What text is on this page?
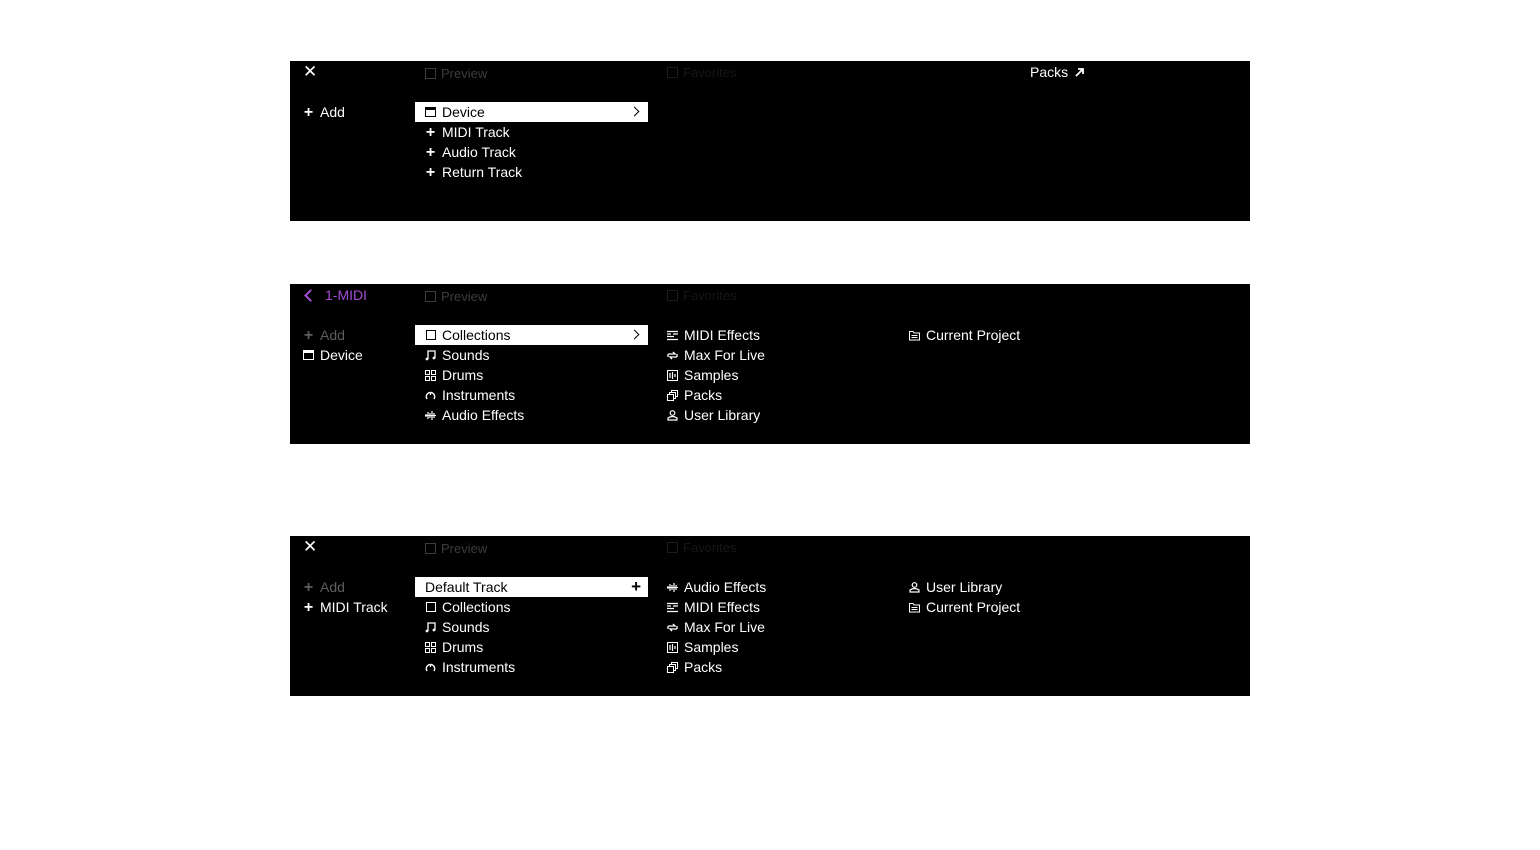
✕	Preview	Favorites	Packs
+ Add	Device
+ MIDI Track
+ Audio Track
+ Return Track
1-MIDI	Preview	Favorites
+ Add
Device
Collections
Sounds
Drums
Instruments
Audio Effects
MIDI Effects
Max For Live
Samples
Packs
User Library
Current Project
✕	Preview	Favorites
+ Add
+ MIDI Track
Default Track	+
Collections
Sounds
Drums
Instruments
Audio Effects
MIDI Effects
Max For Live
Samples
Packs
User Library
Current Project
